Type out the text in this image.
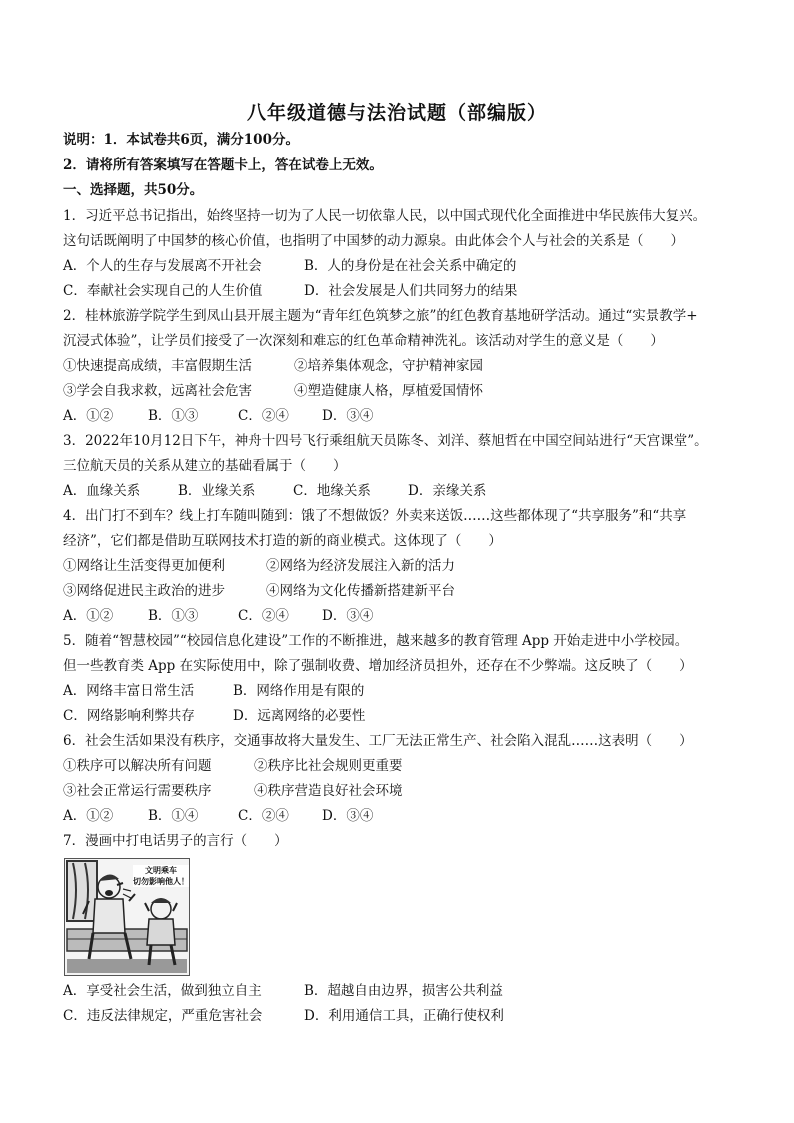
八年级道德与法治试题（部编版）
说明：1．本试卷共6页，满分100分。
2．请将所有答案填写在答题卡上，答在试卷上无效。
一、选择题，共50分。
1．习近平总书记指出，始终坚持一切为了人民一切依靠人民，以中国式现代化全面推进中华民族伟大复兴。
这句话既阐明了中国梦的核心价值，也指明了中国梦的动力源泉。由此体会个人与社会的关系是（　　）
A．个人的生存与发展离不开社会	B．人的身份是在社会关系中确定的
C．奉献社会实现自己的人生价值	D．社会发展是人们共同努力的结果
2．桂林旅游学院学生到凤山县开展主题为“青年红色筑梦之旅”的红色教育基地研学活动。通过“实景教学+
沉浸式体验”，让学员们接受了一次深刻和难忘的红色革命精神洗礼。该活动对学生的意义是（　　）
①快速提高成绩，丰富假期生活	②培养集体观念，守护精神家园
③学会自我求救，远离社会危害	④塑造健康人格，厚植爱国情怀
A．①②	B．①③	C．②④ D．③④
3．2022年10月12日下午，神舟十四号飞行乘组航天员陈冬、刘洋、蔡旭哲在中国空间站进行“天宫课堂”。
三位航天员的关系从建立的基础看属于（　　）
A．血缘关系	B．业缘关系	C．地缘关系	D．亲缘关系
4．出门打不到车？线上打车随叫随到：饿了不想做饭？外卖来送饭……这些都体现了“共享服务”和“共享
经济”，它们都是借助互联网技术打造的新的商业模式。这体现了（　　）
①网络让生活变得更加便利	②网络为经济发展注入新的活力
③网络促进民主政治的进步	④网络为文化传播新搭建新平台
A．①②	B．①③	C．②④ D．③④
5．随着“智慧校园”“校园信息化建设”工作的不断推进，越来越多的教育管理 App 开始走进中小学校园。
但一些教育类 App 在实际使用中，除了强制收费、增加经济员担外，还存在不少弊端。这反映了（　　）
A．网络丰富日常生活	B．网络作用是有限的
C．网络影响利弊共存	D．远离网络的必要性
6．社会生活如果没有秩序，交通事故将大量发生、工厂无法正常生产、社会陷入混乱……这表明（　　）
①秩序可以解决所有问题	②秩序比社会规则更重要
③社会正常运行需要秩序	④秩序营造良好社会环境
A．①②	B．①④	C．②④ D．③④
7．漫画中打电话男子的言行（　　）
文明乘车
切勿影响他人！
A．享受社会生活，做到独立自主	B．超越自由边界，损害公共利益
C．违反法律规定，严重危害社会	D．利用通信工具，正确行使权利
